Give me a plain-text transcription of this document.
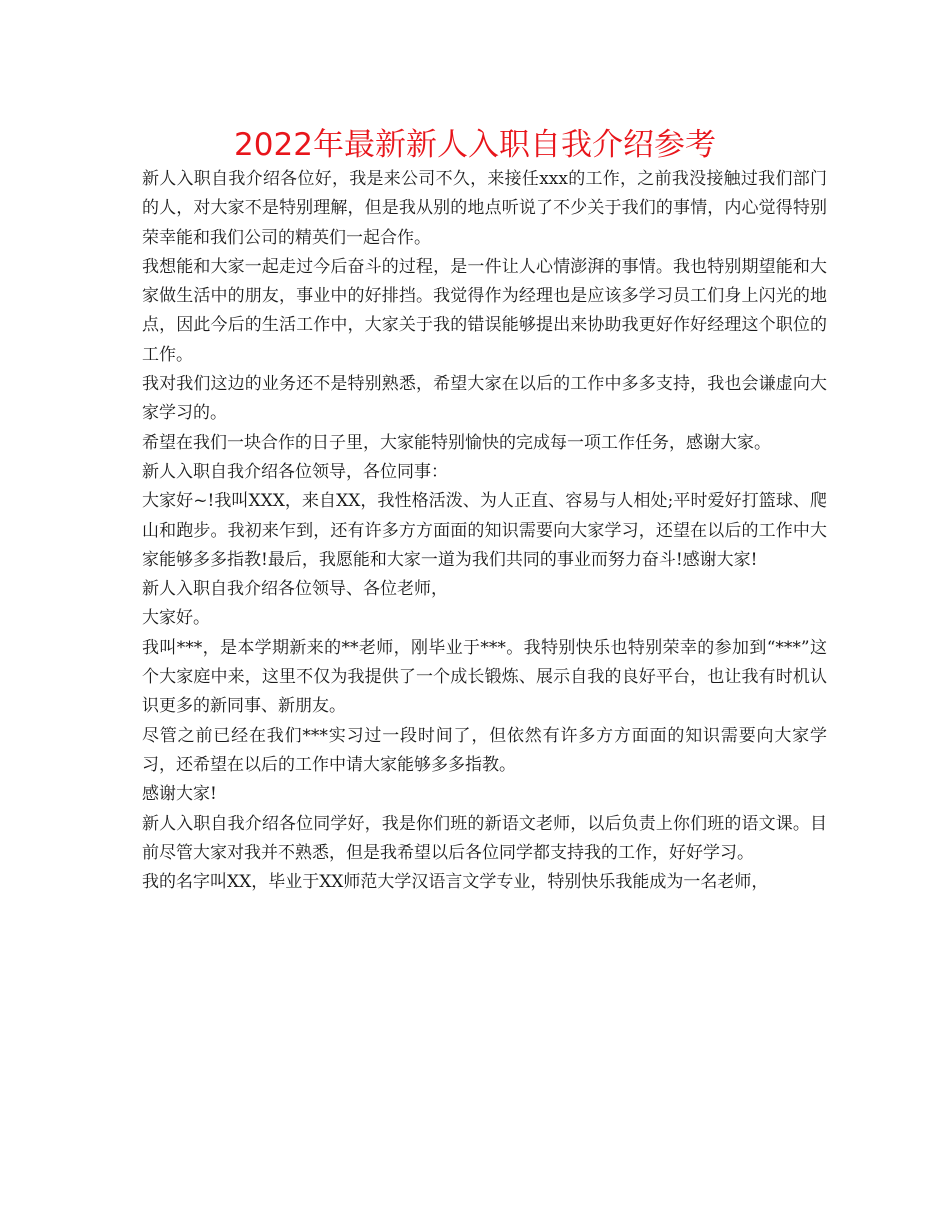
2022年最新新人入职自我介绍参考

新人入职自我介绍各位好，我是来公司不久，来接任xxx的工作，之前我没接触过我们部门的人，对大家不是特别理解，但是我从别的地点听说了不少关于我们的事情，内心觉得特别荣幸能和我们公司的精英们一起合作。

我想能和大家一起走过今后奋斗的过程，是一件让人心情澎湃的事情。我也特别期望能和大家做生活中的朋友，事业中的好排挡。我觉得作为经理也是应该多学习员工们身上闪光的地点，因此今后的生活工作中，大家关于我的错误能够提出来协助我更好作好经理这个职位的工作。

我对我们这边的业务还不是特别熟悉，希望大家在以后的工作中多多支持，我也会谦虚向大家学习的。

希望在我们一块合作的日子里，大家能特别愉快的完成每一项工作任务，感谢大家。

新人入职自我介绍各位领导，各位同事：

大家好~!我叫XXX，来自XX，我性格活泼、为人正直、容易与人相处;平时爱好打篮球、爬山和跑步。我初来乍到，还有许多方方面面的知识需要向大家学习，还望在以后的工作中大家能够多多指教!最后，我愿能和大家一道为我们共同的事业而努力奋斗!感谢大家!

新人入职自我介绍各位领导、各位老师，

大家好。

我叫***，是本学期新来的**老师，刚毕业于***。我特别快乐也特别荣幸的参加到“***”这个大家庭中来，这里不仅为我提供了一个成长锻炼、展示自我的良好平台，也让我有时机认识更多的新同事、新朋友。

尽管之前已经在我们***实习过一段时间了，但依然有许多方方面面的知识需要向大家学习，还希望在以后的工作中请大家能够多多指教。

感谢大家!

新人入职自我介绍各位同学好，我是你们班的新语文老师，以后负责上你们班的语文课。目前尽管大家对我并不熟悉，但是我希望以后各位同学都支持我的工作，好好学习。

我的名字叫XX，毕业于XX师范大学汉语言文学专业，特别快乐我能成为一名老师，
